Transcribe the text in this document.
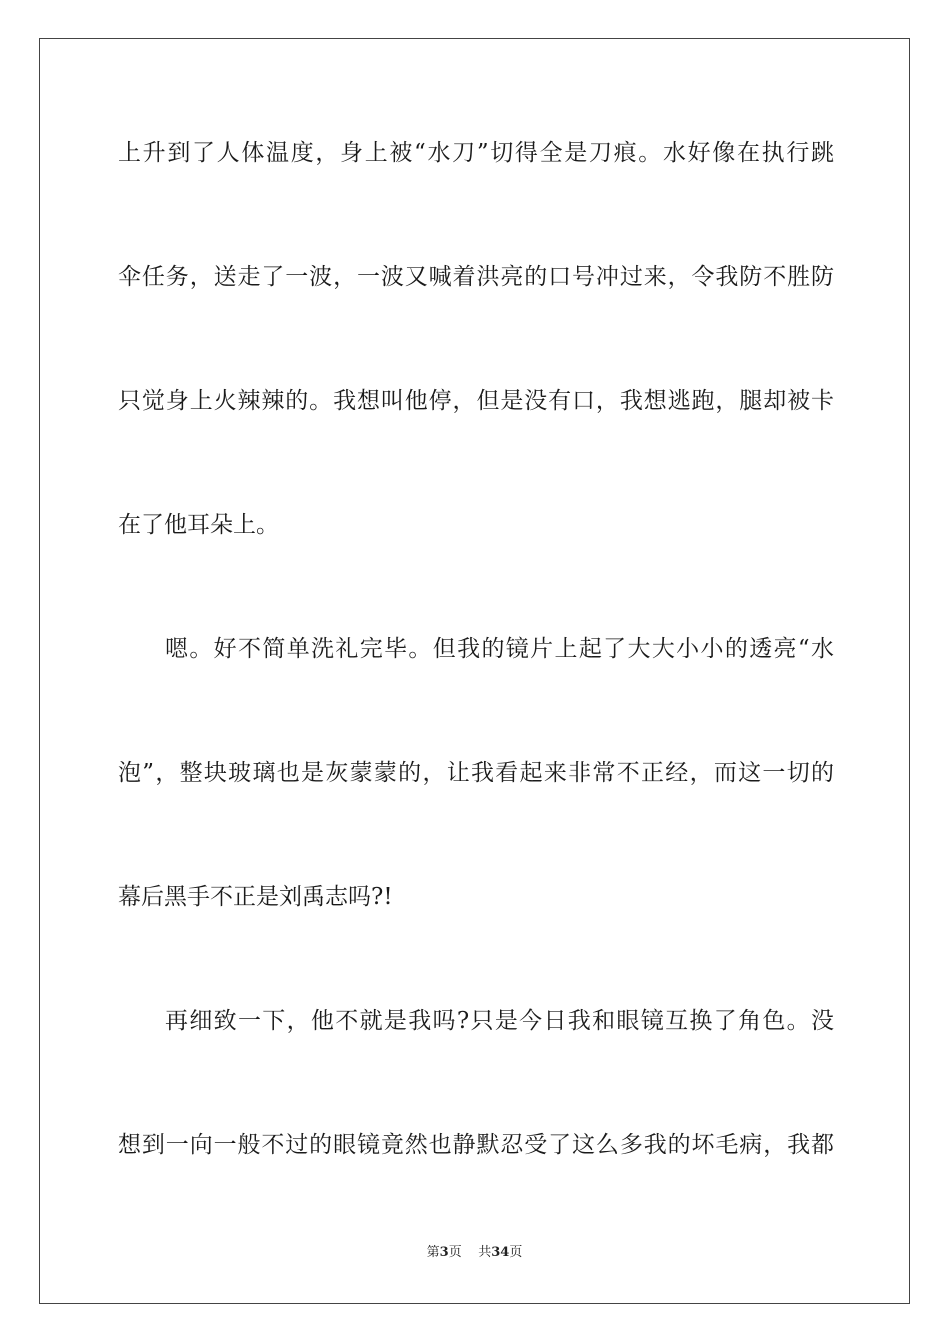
上升到了人体温度，身上被“水刀”切得全是刀痕。水好像在执行跳
伞任务，送走了一波，一波又喊着洪亮的口号冲过来，令我防不胜防
只觉身上火辣辣的。我想叫他停，但是没有口，我想逃跑，腿却被卡
在了他耳朵上。
嗯。好不简单洗礼完毕。但我的镜片上起了大大小小的透亮“水
泡”，整块玻璃也是灰蒙蒙的，让我看起来非常不正经，而这一切的
幕后黑手不正是刘禹志吗?!
再细致一下，他不就是我吗?只是今日我和眼镜互换了角色。没
想到一向一般不过的眼镜竟然也静默忍受了这么多我的坏毛病，我都
第3页 共34页
